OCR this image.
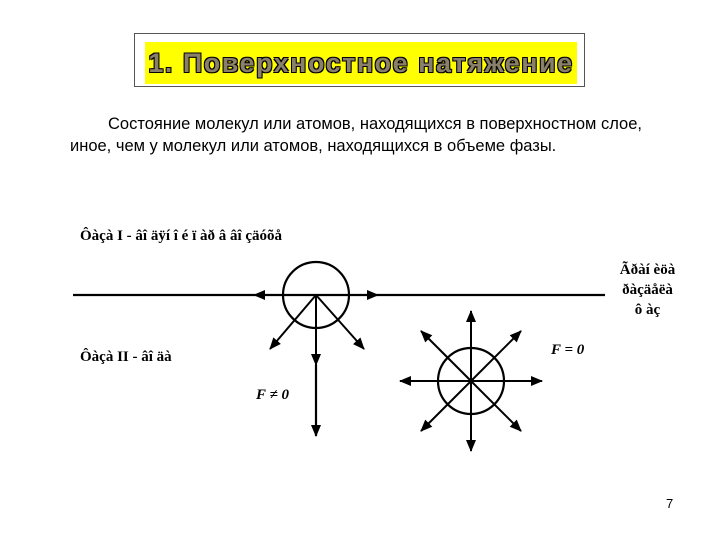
1. Поверхностное натяжение

Состояние молекул или атомов, находящихся в поверхностном слое, иное, чем у молекул или атомов, находящихся в объеме фазы.

Ôàçà I - âî äÿí î é ï àð â âî çäóõå
Ôàçà II - âî äà
Ãðàí èöà
ðàçäåëà
ô àç
F ≠ 0
F = 0
7
